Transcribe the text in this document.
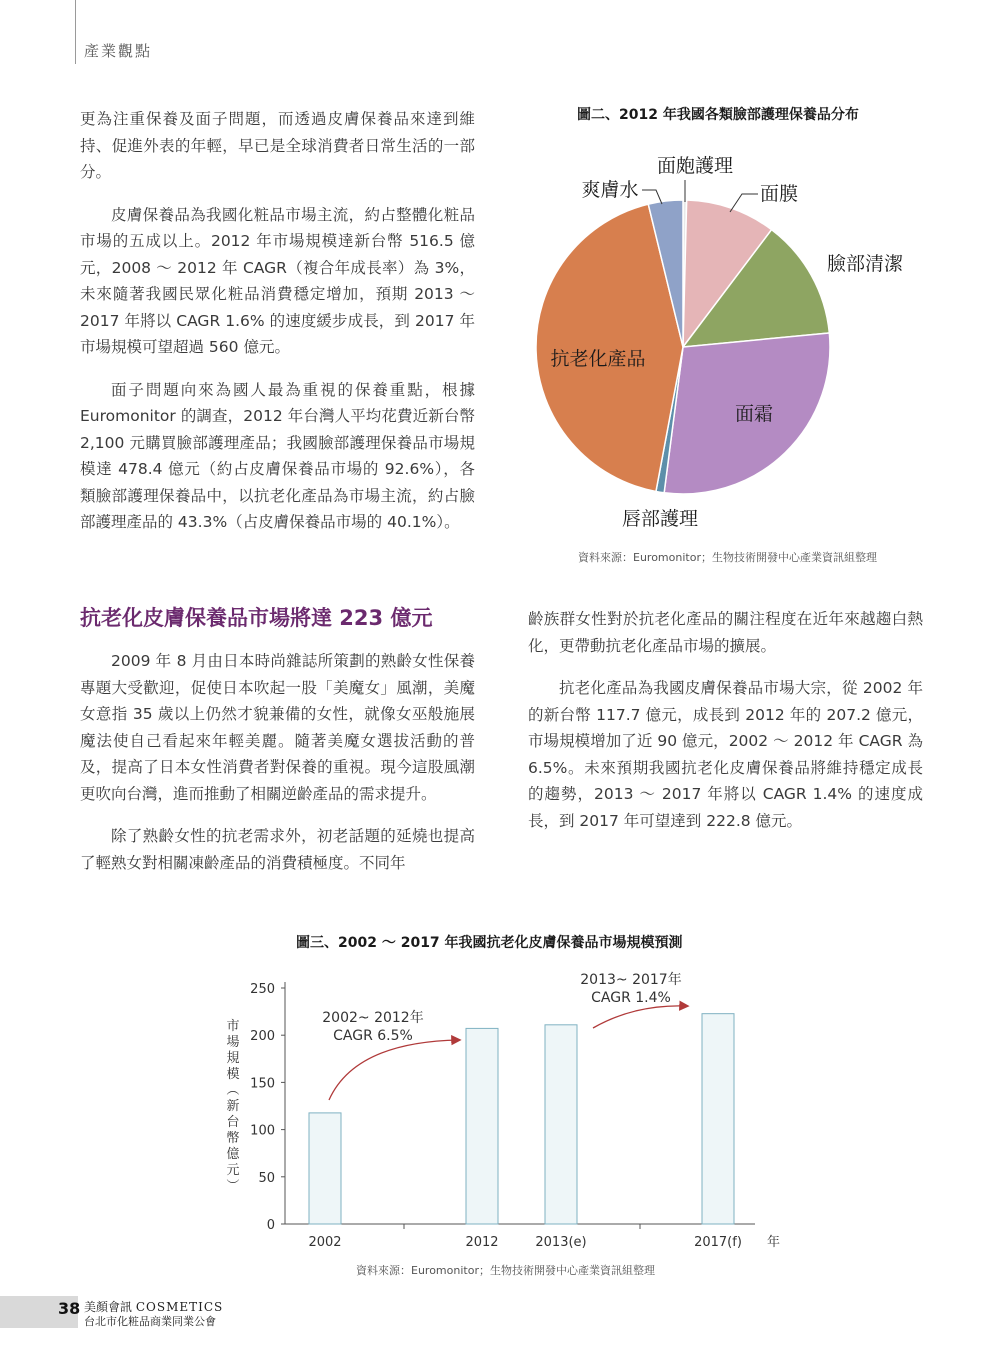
產業觀點

更為注重保養及面子問題，而透過皮膚保養品來達到維持、促進外表的年輕，早已是全球消費者日常生活的一部分。

皮膚保養品為我國化粧品市場主流，約占整體化粧品市場的五成以上。2012 年市場規模達新台幣 516.5 億元，2008 ～ 2012 年 CAGR（複合年成長率）為 3%，未來隨著我國民眾化粧品消費穩定增加，預期 2013 ～ 2017 年將以 CAGR 1.6% 的速度緩步成長，到 2017 年市場規模可望超過 560 億元。

面子問題向來為國人最為重視的保養重點，根據 Euromonitor 的調查，2012 年台灣人平均花費近新台幣 2,100 元購買臉部護理產品；我國臉部護理保養品市場規模達 478.4 億元（約占皮膚保養品市場的 92.6%），各類臉部護理保養品中，以抗老化產品為市場主流，約占臉部護理產品的 43.3%（占皮膚保養品市場的 40.1%）。

圖二、2012 年我國各類臉部護理保養品分布
面皰護理
面膜
臉部清潔
面霜
唇部護理
抗老化產品
爽膚水
資料來源：Euromonitor；生物技術開發中心產業資訊組整理
抗老化皮膚保養品市場將達 223 億元

2009 年 8 月由日本時尚雜誌所策劃的熟齡女性保養專題大受歡迎，促使日本吹起一股「美魔女」風潮，美魔女意指 35 歲以上仍然才貌兼備的女性，就像女巫般施展魔法使自己看起來年輕美麗。隨著美魔女選拔活動的普及，提高了日本女性消費者對保養的重視。現今這股風潮更吹向台灣，進而推動了相關逆齡產品的需求提升。

除了熟齡女性的抗老需求外，初老話題的延燒也提高了輕熟女對相關凍齡產品的消費積極度。不同年

齡族群女性對於抗老化產品的關注程度在近年來越趨白熱化，更帶動抗老化產品市場的擴展。

抗老化產品為我國皮膚保養品市場大宗，從 2002 年的新台幣 117.7 億元，成長到 2012 年的 207.2 億元，市場規模增加了近 90 億元，2002 ～ 2012 年 CAGR 為 6.5%。未來預期我國抗老化皮膚保養品將維持穩定成長的趨勢，2013 ～ 2017 年將以 CAGR 1.4% 的速度成長，到 2017 年可望達到 222.8 億元。

圖三、2002 ～ 2017 年我國抗老化皮膚保養品市場規模預測
0
50
100
150
200
250
2002	2012	2013(e)	2017(f) 年
市
場
規
模
（
新
台
幣
億
元
）
2002~ 2012年
CAGR 6.5%
2013~ 2017年
CAGR 1.4%
資料來源：Euromonitor；生物技術開發中心產業資訊組整理
38 美顏會訊 COSMETICS
台北市化粧品商業同業公會
